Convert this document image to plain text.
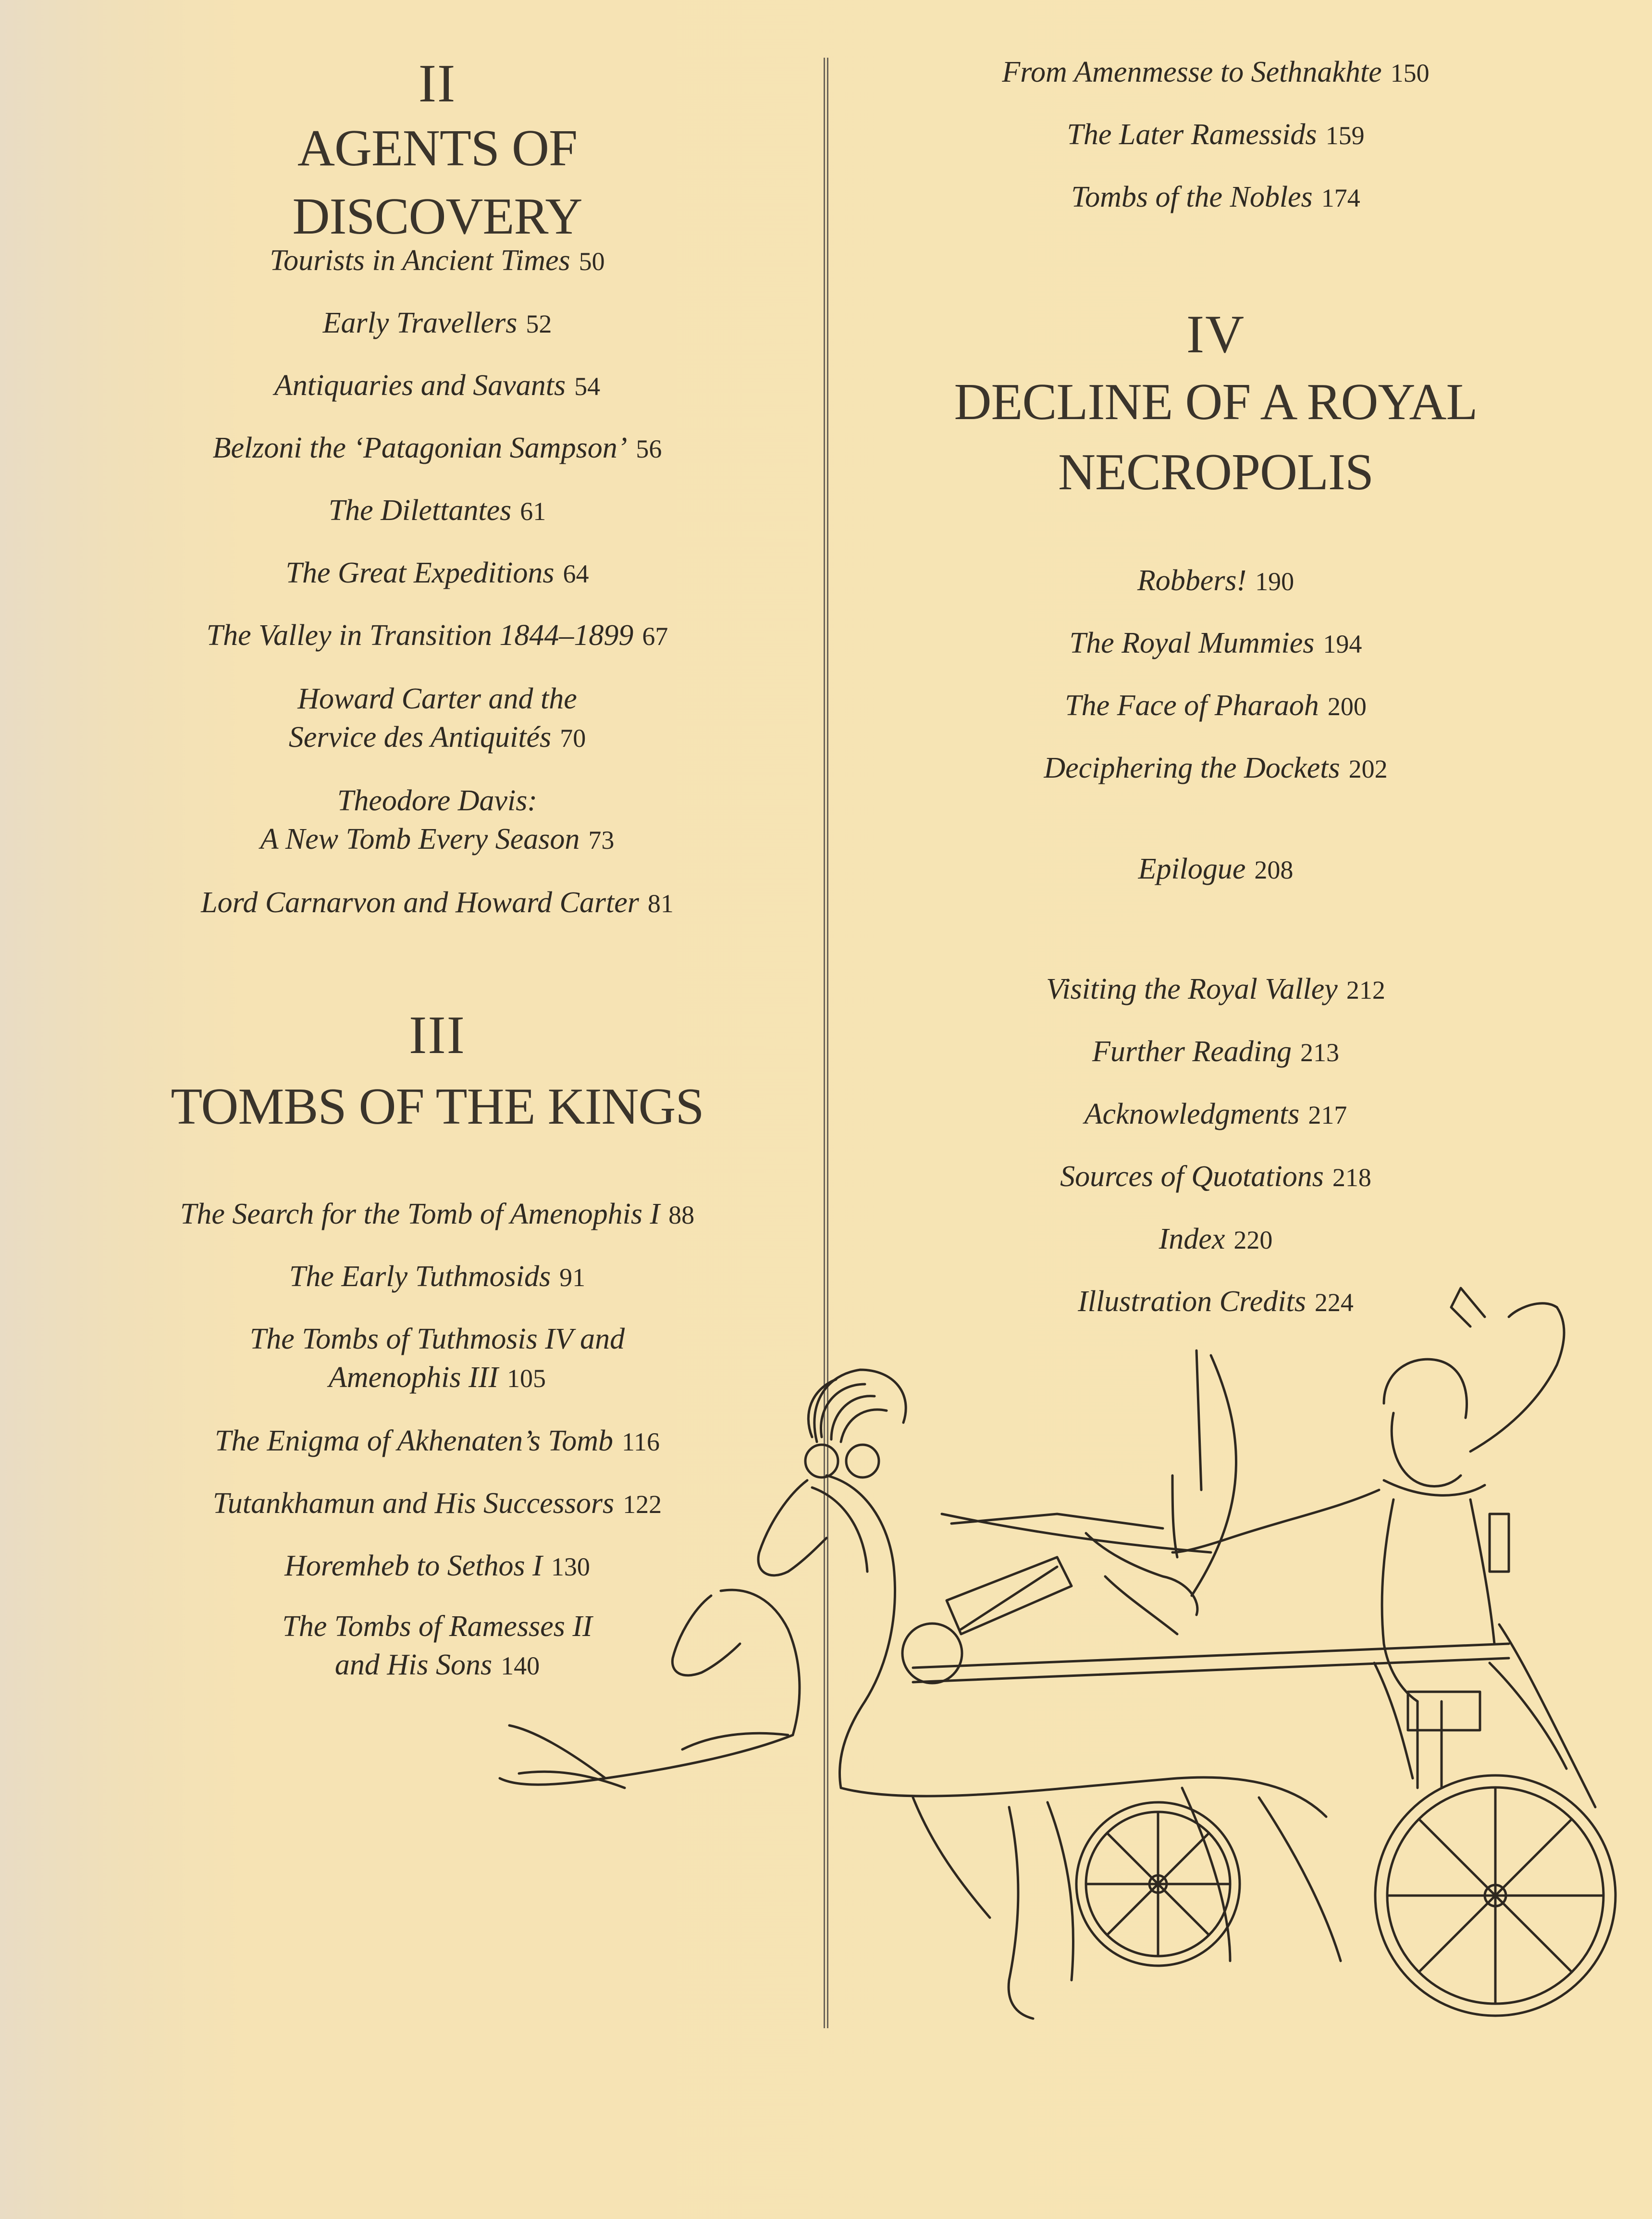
II
AGENTS OF DISCOVERY
Tourists in Ancient Times 50
Early Travellers 52
Antiquaries and Savants 54
Belzoni the ‘Patagonian Sampson’ 56
The Dilettantes 61
The Great Expeditions 64
The Valley in Transition 1844–1899 67
Howard Carter and the
Service des Antiquités 70
Theodore Davis:
A New Tomb Every Season 73
Lord Carnarvon and Howard Carter 81
III
TOMBS OF THE KINGS
The Search for the Tomb of Amenophis I 88
The Early Tuthmosids 91
The Tombs of Tuthmosis IV and
Amenophis III 105
The Enigma of Akhenaten’s Tomb 116
Tutankhamun and His Successors 122
Horemheb to Sethos I 130
The Tombs of Ramesses II
and His Sons 140
From Amenmesse to Sethnakhte 150
The Later Ramessids 159
Tombs of the Nobles 174
IV
DECLINE OF A ROYAL
NECROPOLIS
Robbers! 190
The Royal Mummies 194
The Face of Pharaoh 200
Deciphering the Dockets 202
Epilogue 208
Visiting the Royal Valley 212
Further Reading 213
Acknowledgments 217
Sources of Quotations 218
Index 220
Illustration Credits 224
